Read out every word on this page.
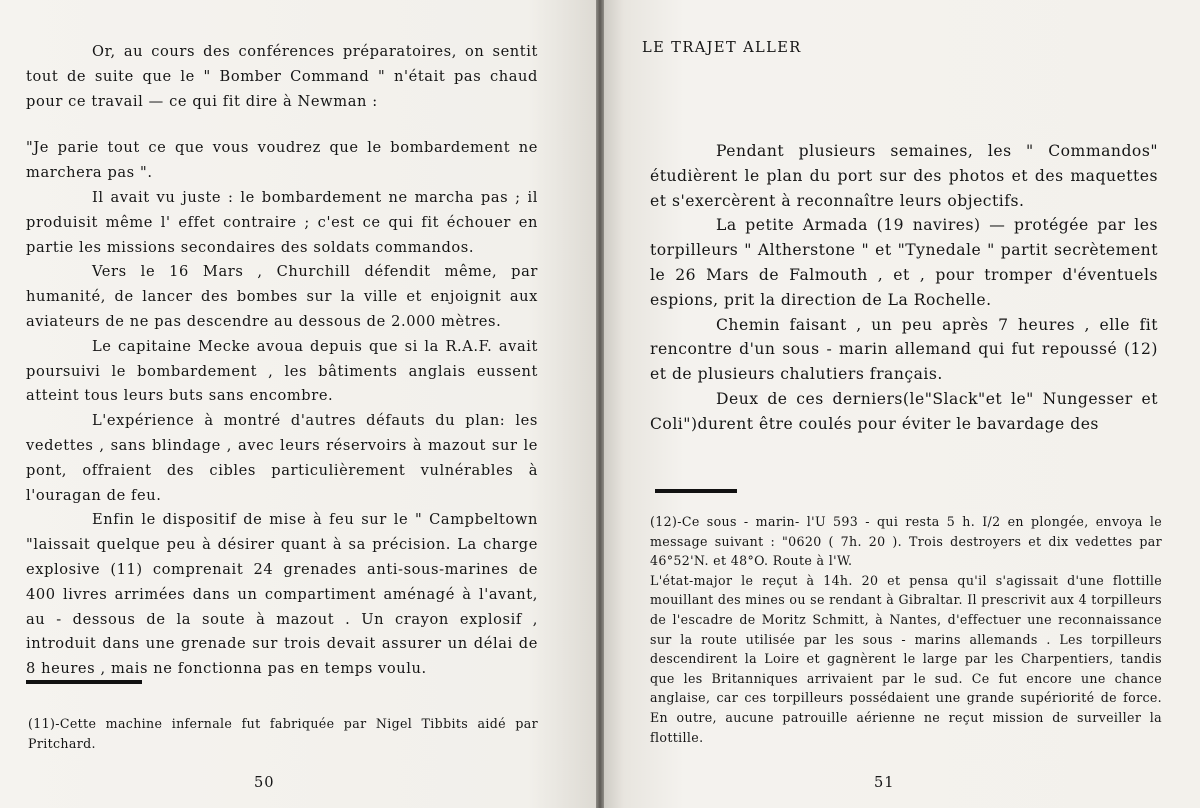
Or, au cours des conférences préparatoires, on sentit tout de suite que le " Bomber Command " n'était pas chaud pour ce travail — ce qui fit dire à Newman :

"Je parie tout ce que vous voudrez que le bombardement ne marchera pas ".

Il avait vu juste : le bombardement ne marcha pas ; il produisit même l' effet contraire ; c'est ce qui fit échouer en partie les missions secondaires des soldats commandos.

Vers le 16 Mars , Churchill défendit même, par humanité, de lancer des bombes sur la ville et enjoignit aux aviateurs de ne pas descendre au dessous de 2.000 mètres.

Le capitaine Mecke avoua depuis que si la R.A.F. avait poursuivi le bombardement , les bâtiments anglais eussent atteint tous leurs buts sans encombre.

L'expérience à montré d'autres défauts du plan: les vedettes , sans blindage , avec leurs réservoirs à mazout sur le pont, offraient des cibles particulièrement vulnérables à l'ouragan de feu.

Enfin le dispositif de mise à feu sur le " Campbeltown "laissait quelque peu à désirer quant à sa précision. La charge explosive (11) comprenait 24 grenades anti-sous-marines de 400 livres arrimées dans un compartiment aménagé à l'avant, au - dessous de la soute à mazout . Un crayon explosif , introduit dans une grenade sur trois devait assurer un délai de 8 heures , mais ne fonctionna pas en temps voulu.

(11)-Cette machine infernale fut fabriquée par Nigel Tibbits aidé par Pritchard.
50
LE TRAJET ALLER

Pendant plusieurs semaines, les " Commandos" étudièrent le plan du port sur des photos et des maquettes et s'exercèrent à reconnaître leurs objectifs.

La petite Armada (19 navires) — protégée par les torpilleurs " Altherstone " et "Tynedale " partit secrètement le 26 Mars de Falmouth , et , pour tromper d'éventuels espions, prit la direction de La Rochelle.

Chemin faisant , un peu après 7 heures , elle fit rencontre d'un sous - marin allemand qui fut repoussé (12) et de plusieurs chalutiers français.

Deux de ces derniers(le"Slack"et le" Nungesser et Coli")durent être coulés pour éviter le bavardage des

(12)-Ce sous - marin- l'U 593 - qui resta 5 h. I/2 en plongée, envoya le message suivant : "0620 ( 7h. 20 ). Trois destroyers et dix vedettes par 46°52'N. et 48°O. Route à l'W.
L'état-major le reçut à 14h. 20 et pensa qu'il s'agissait d'une flottille mouillant des mines ou se rendant à Gibraltar. Il prescrivit aux 4 torpilleurs de l'escadre de Moritz Schmitt, à Nantes, d'effectuer une reconnaissance sur la route utilisée par les sous - marins allemands . Les torpilleurs descendirent la Loire et gagnèrent le large par les Charpentiers, tandis que les Britanniques arrivaient par le sud. Ce fut encore une chance anglaise, car ces torpilleurs possédaient une grande supériorité de force. En outre, aucune patrouille aérienne ne reçut mission de surveiller la flottille.
51
